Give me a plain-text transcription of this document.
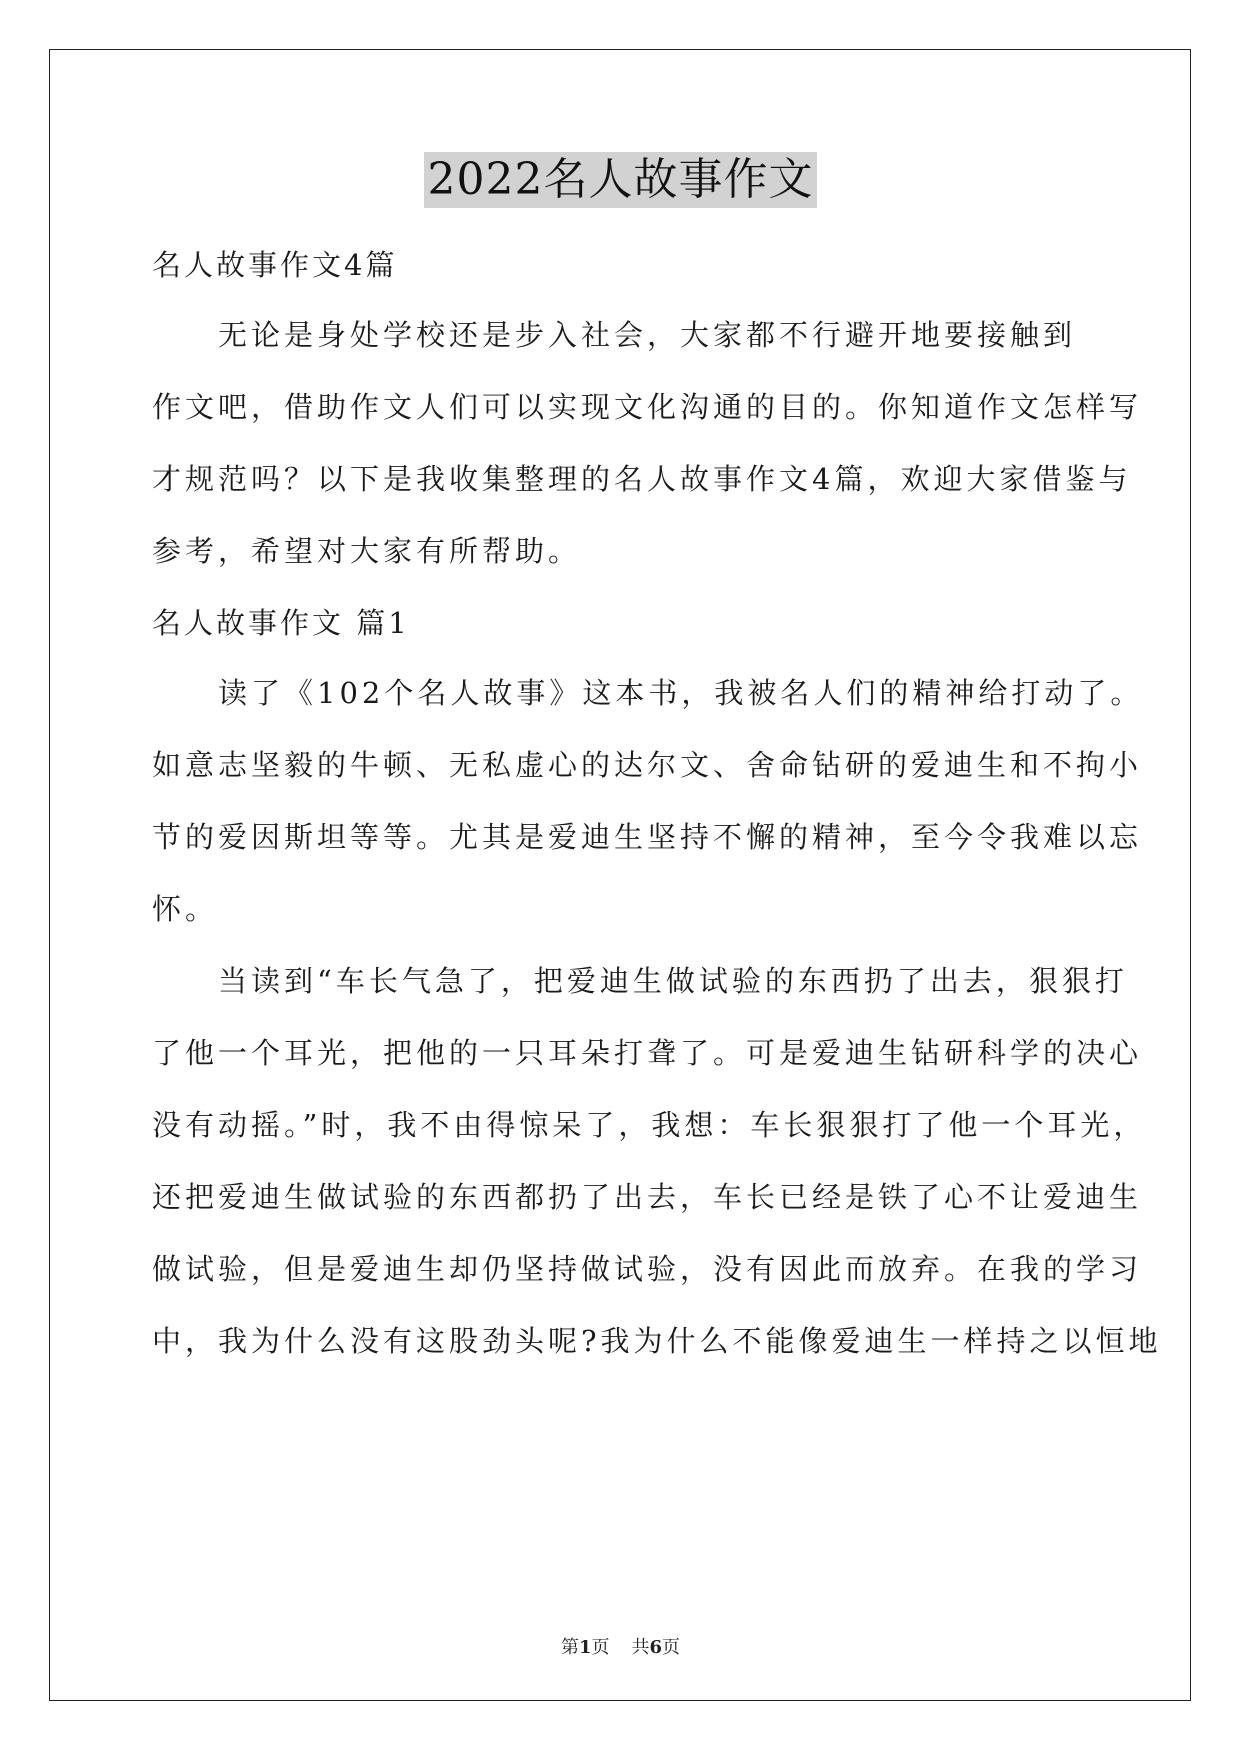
2022名人故事作文
名人故事作文4篇
　　无论是身处学校还是步入社会，大家都不行避开地要接触到
作文吧，借助作文人们可以实现文化沟通的目的。你知道作文怎样写
才规范吗？以下是我收集整理的名人故事作文4篇，欢迎大家借鉴与
参考，希望对大家有所帮助。
名人故事作文 篇1
　　读了《102个名人故事》这本书，我被名人们的精神给打动了。
如意志坚毅的牛顿、无私虚心的达尔文、舍命钻研的爱迪生和不拘小
节的爱因斯坦等等。尤其是爱迪生坚持不懈的精神，至今令我难以忘
怀。
　　当读到“车长气急了，把爱迪生做试验的东西扔了出去，狠狠打
了他一个耳光，把他的一只耳朵打聋了。可是爱迪生钻研科学的决心
没有动摇。”时，我不由得惊呆了，我想：车长狠狠打了他一个耳光，
还把爱迪生做试验的东西都扔了出去，车长已经是铁了心不让爱迪生
做试验，但是爱迪生却仍坚持做试验，没有因此而放弃。在我的学习
中，我为什么没有这股劲头呢?我为什么不能像爱迪生一样持之以恒地
第1页 共6页
